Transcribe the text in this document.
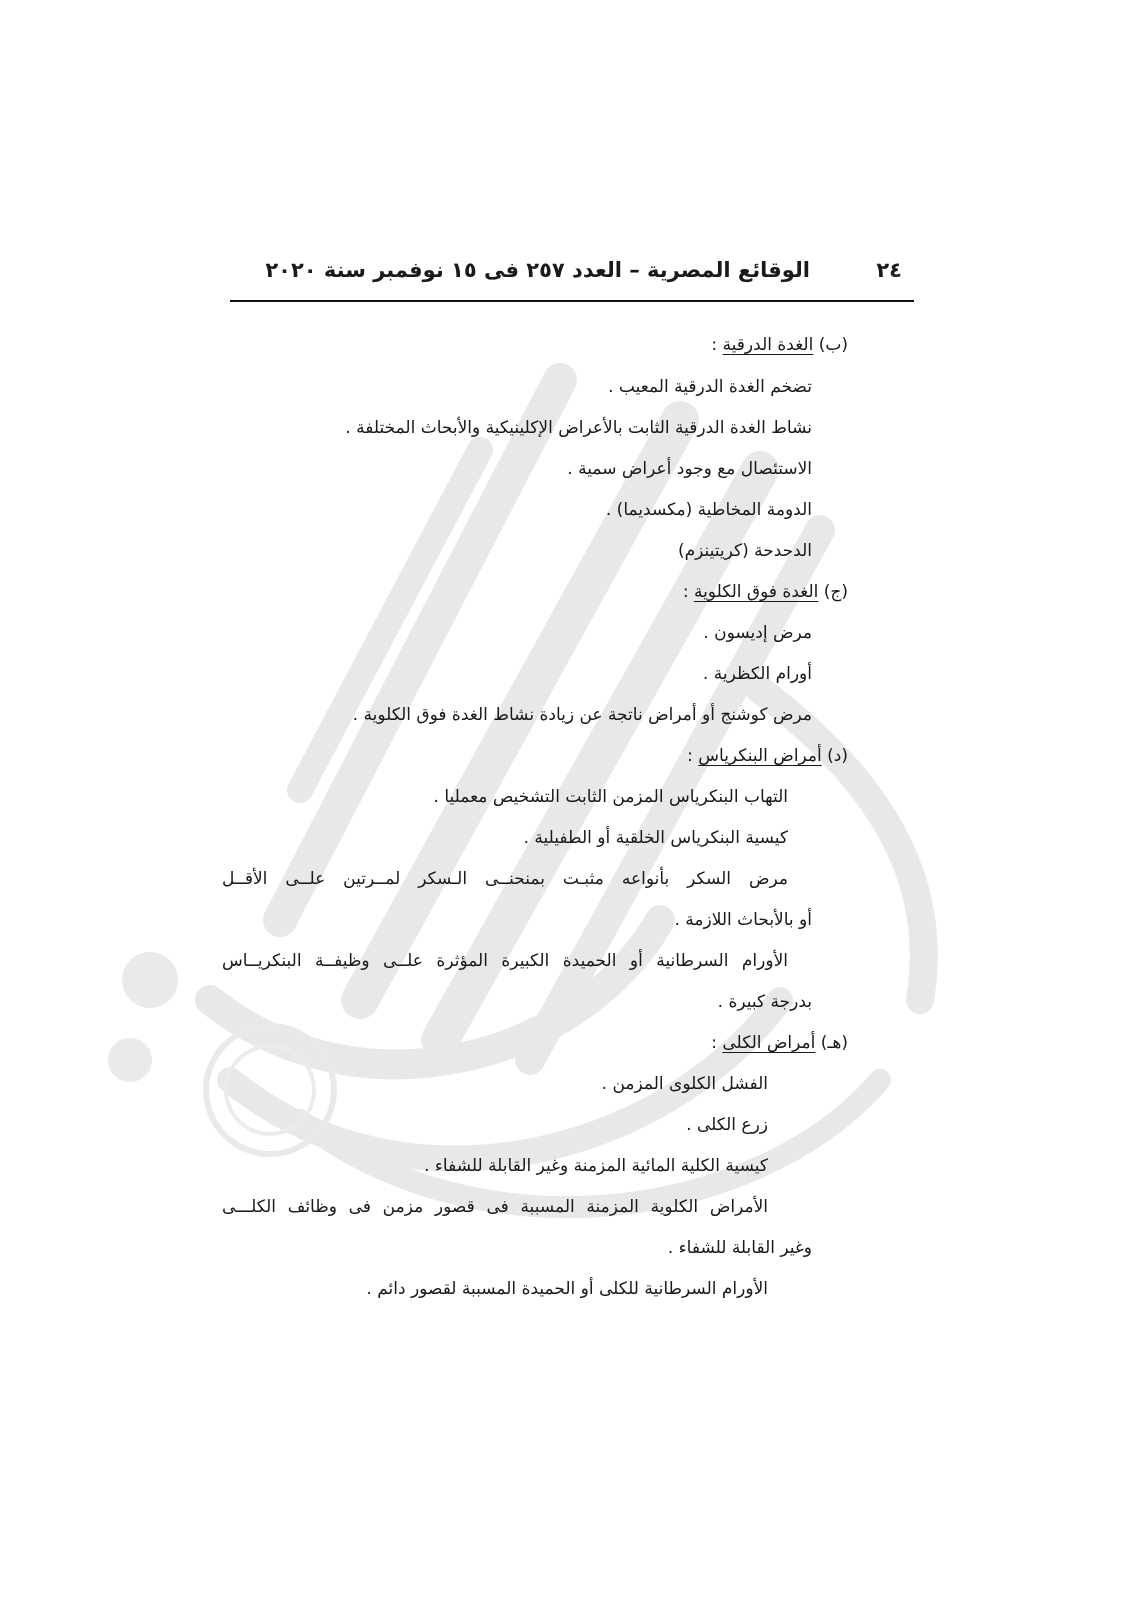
٢٤
الوقائع المصرية – العدد ٢٥٧ فى ١٥ نوفمبر سنة ٢٠٢٠
(ب) الغدة الدرقية :
تضخم الغدة الدرقية المعيب .
نشاط الغدة الدرقية الثابت بالأعراض الإكلينيكية والأبحاث المختلفة .
الاستئصال مع وجود أعراض سمية .
الدومة المخاطية (مكسديما) .
الدحدحة (كريتينزم)
(ج) الغدة فوق الكلوية :
مرض إديسون .
أورام الكظرية .
مرض كوشنج أو أمراض ناتجة عن زيادة نشاط الغدة فوق الكلوية .
(د) أمراض البنكرياس :
التهاب البنكرياس المزمن الثابت التشخيص معمليا .
كيسية البنكرياس الخلقية أو الطفيلية .
مرض السكر بأنواعه مثبـت بمنحنــى الـسكر لمــرتين علــى الأقــل
أو بالأبحاث اللازمة .
الأورام السرطانية أو الحميدة الكبيرة المؤثرة علــى وظيفــة البنكريــاس
بدرجة كبيرة .
(هـ) أمراض الكلى :
الفشل الكلوى المزمن .
زرع الكلى .
كيسية الكلية المائية المزمنة وغير القابلة للشفاء .
الأمراض الكلوية المزمنة المسببة فى قصور مزمن فى وظائف الكلـــى
وغير القابلة للشفاء .
الأورام السرطانية للكلى أو الحميدة المسببة لقصور دائم .
